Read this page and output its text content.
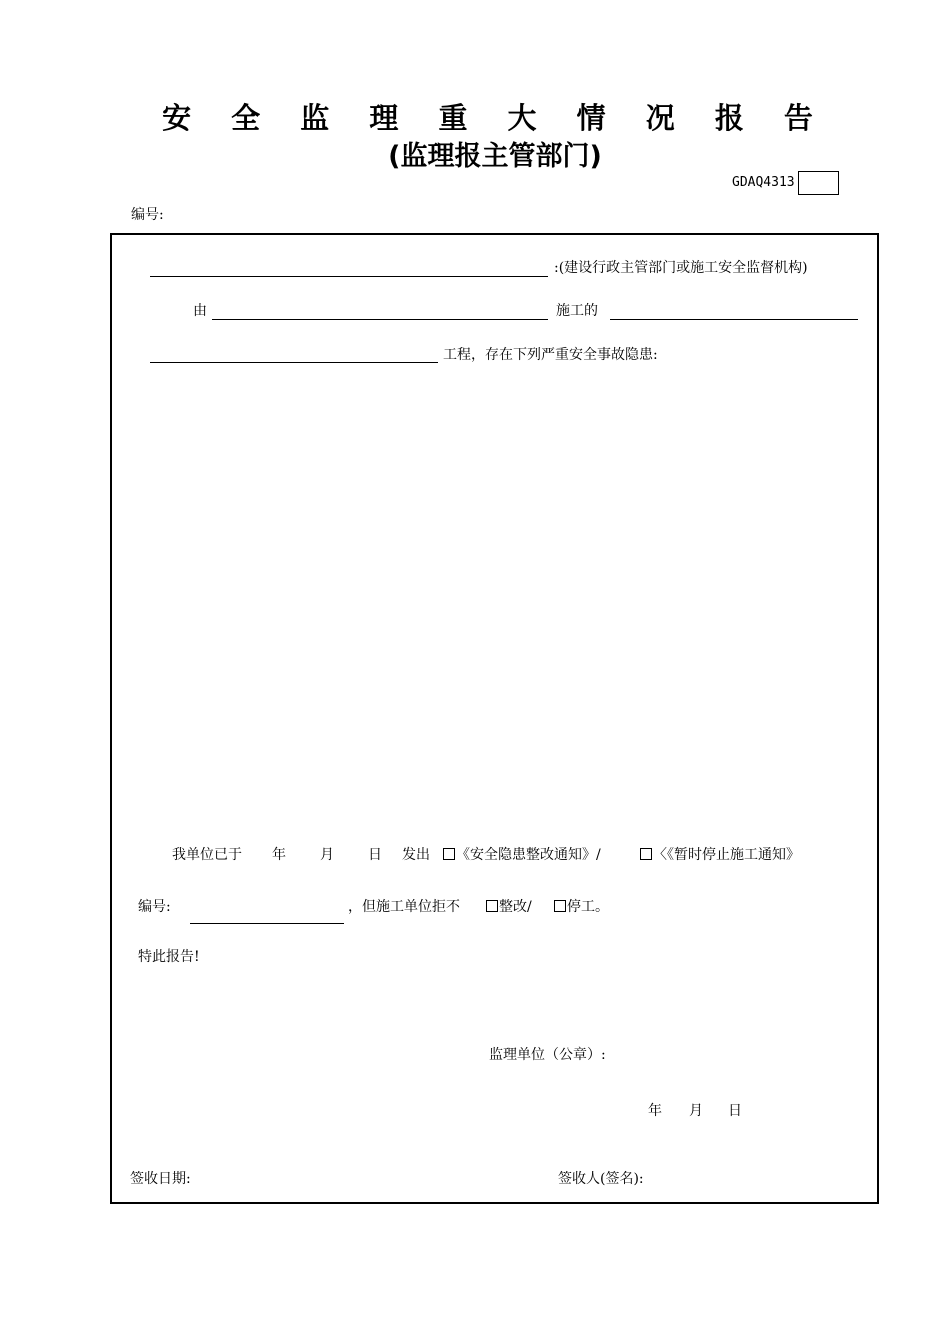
安 全 监 理 重 大 情 况 报 告
(监理报主管部门)
GDAQ4313
编号:
:(建设行政主管部门或施工安全监督机构)
由	施工的
工程，存在下列严重安全事故隐患:
我单位已于 年 月 日 发出	《安全隐患整改通知》/	〈《暂时停止施工通知》
编号:	，但施工单位拒不	整改/	停工。
特此报告!
监理单位（公章）:
年 月 日
签收日期:	签收人(签名):
